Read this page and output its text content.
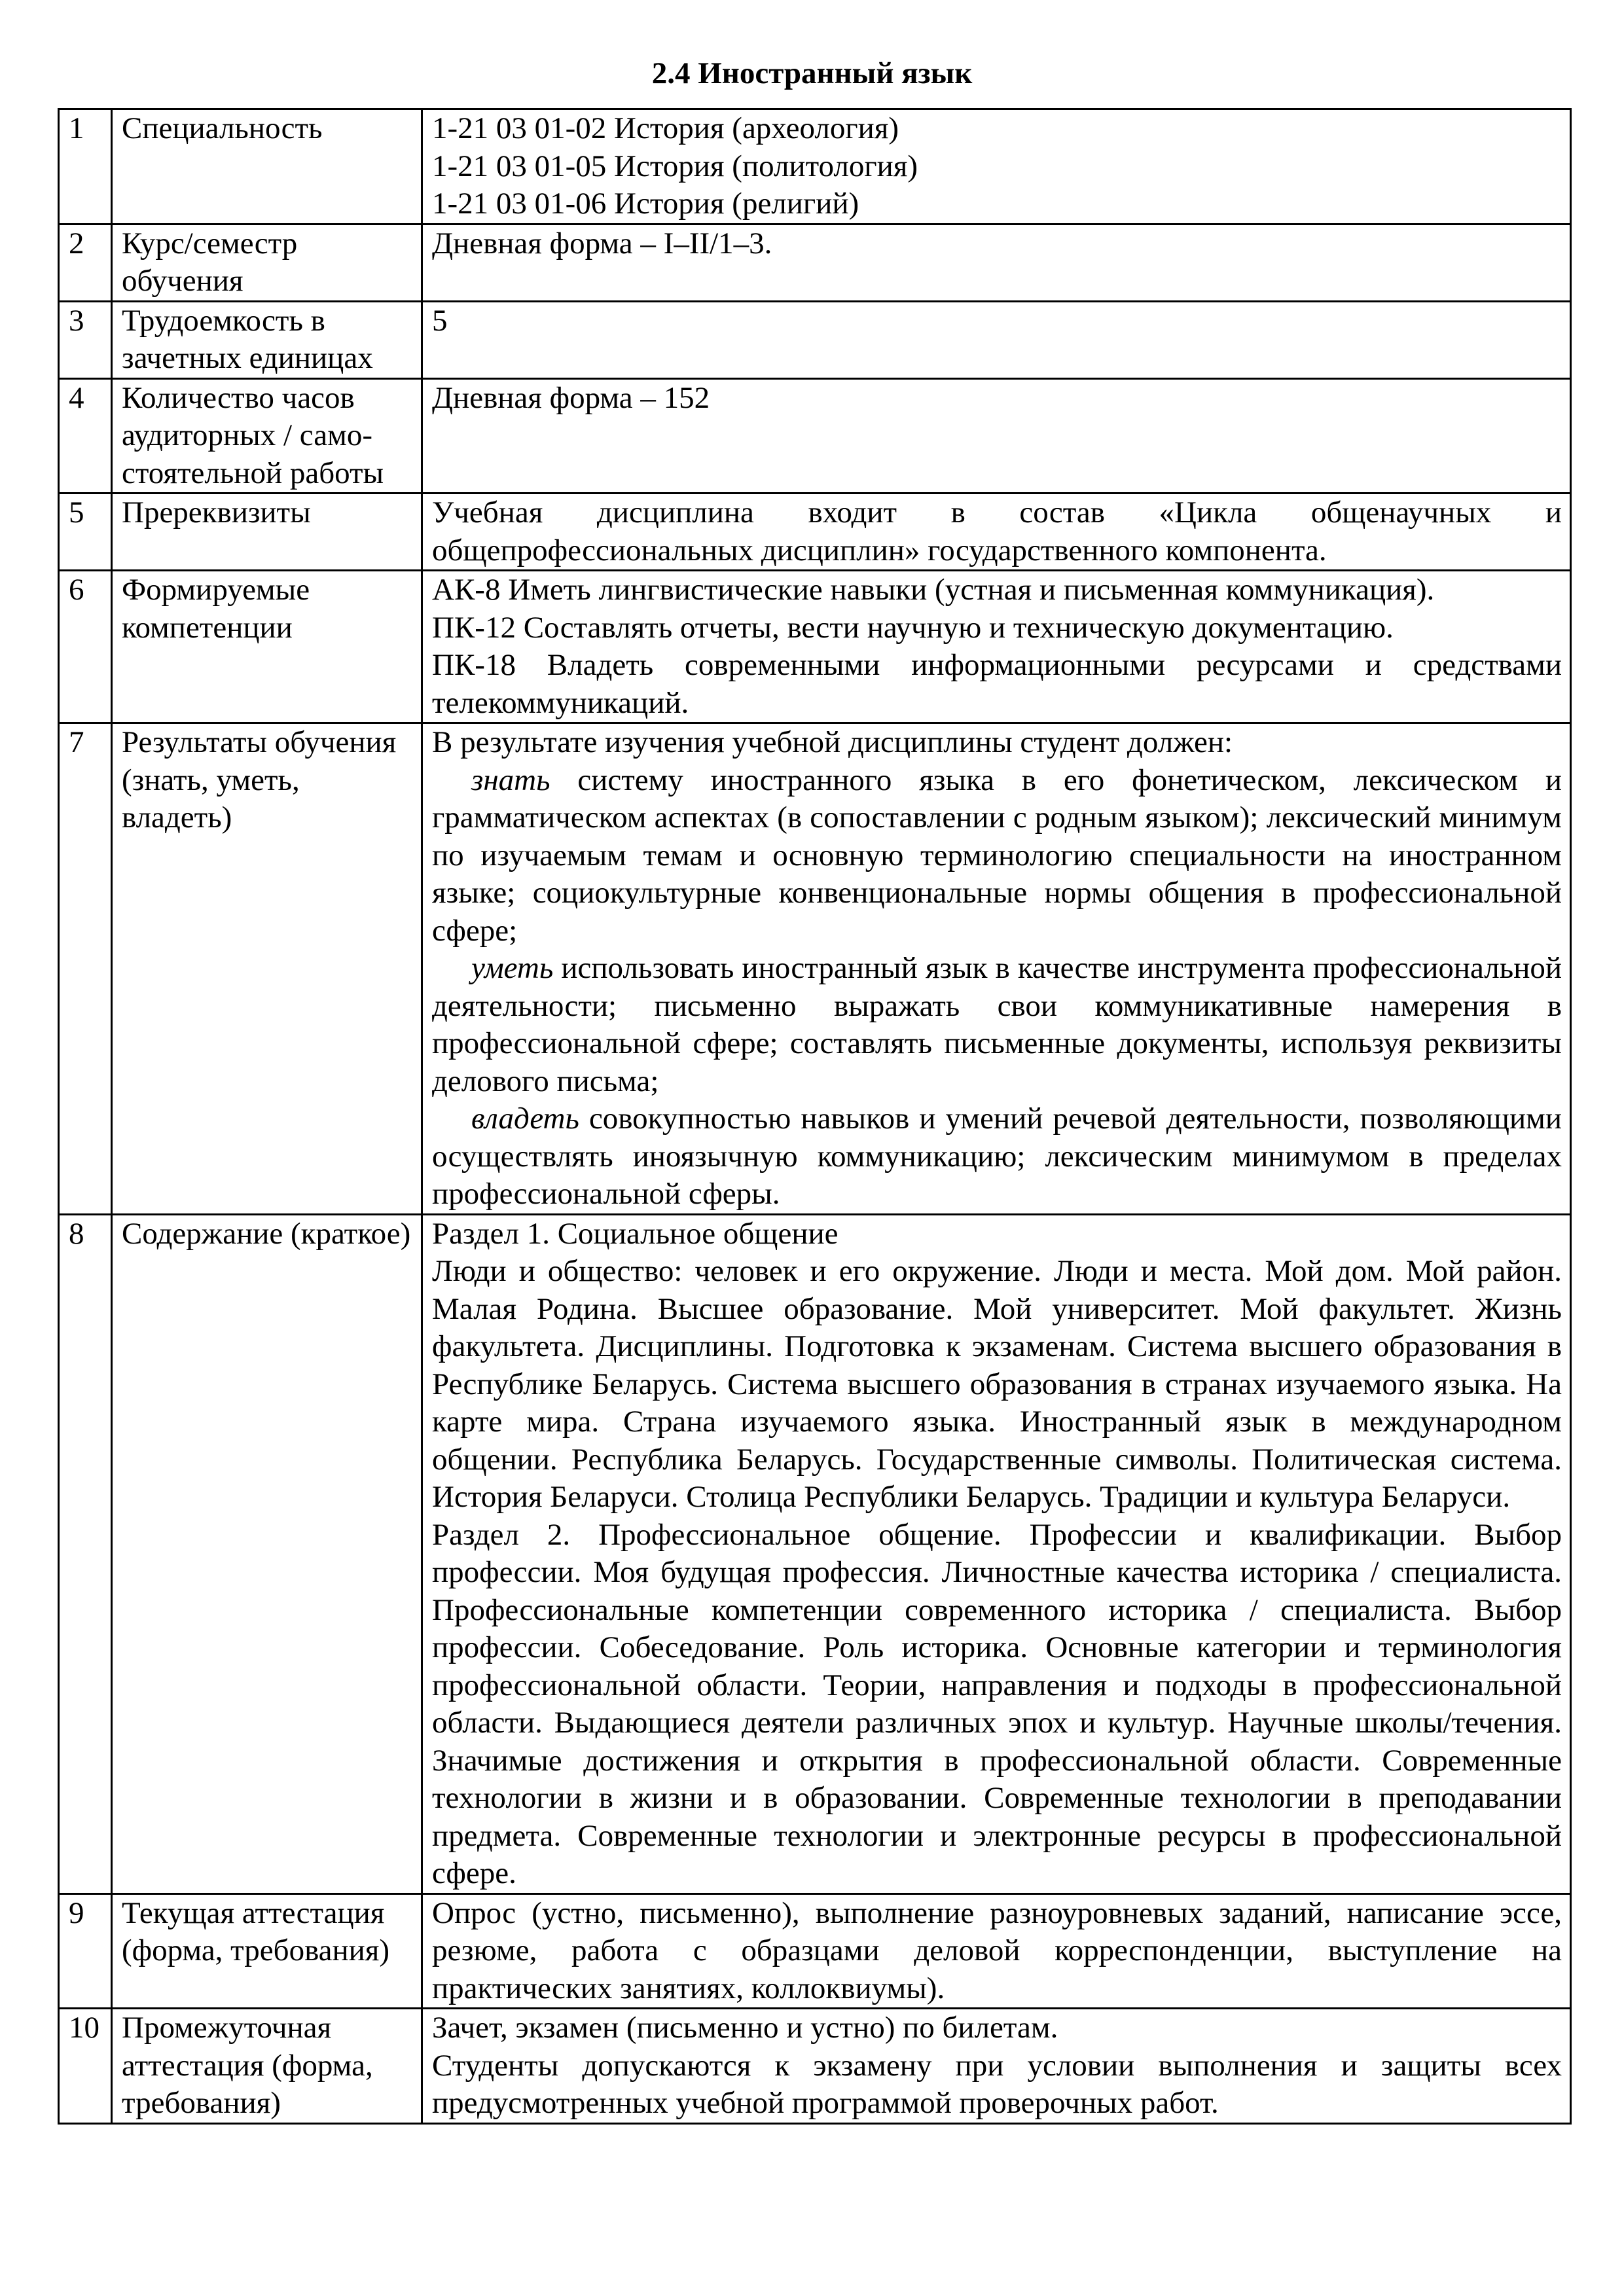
2.4 Иностранный язык
1	Специальность	1-21 03 01-02 История (археология)
1-21 03 01-05 История (политология)
1-21 03 01-06 История (религий)

2	Курс/семестр обучения	Дневная форма – I–II/1–3.
3	Трудоемкость в зачетных единицах	5
4	Количество часов аудиторных / само-стоятельной работы	Дневная форма – 152
5	Пререквизиты	Учебная дисциплина входит в состав «Цикла общенаучных и общепрофессиональных дисциплин» государственного компонента.
6	Формируемые компетенции	АК-8 Иметь лингвистические навыки (устная и письменная коммуникация).
ПК-12 Составлять отчеты, вести научную и техническую документацию.
ПК-18 Владеть современными информационными ресурсами и средствами телекоммуникаций.

7	Результаты обучения (знать, уметь, владеть)	В результате изучения учебной дисциплины студент должен:
знать систему иностранного языка в его фонетическом, лексическом и грамматическом аспектах (в сопоставлении с родным языком); лексический минимум по изучаемым темам и основную терминологию специальности на иностранном языке; социокультурные конвенциональные нормы общения в профессиональной сфере;
уметь использовать иностранный язык в качестве инструмента профессиональной деятельности; письменно выражать свои коммуникативные намерения в профессиональной сфере; составлять письменные документы, используя реквизиты делового письма;
владеть совокупностью навыков и умений речевой деятельности, позволяющими осуществлять иноязычную коммуникацию; лексическим минимумом в пределах профессиональной сферы.

8	Содержание (краткое)	Раздел 1. Социальное общение
Люди и общество: человек и его окружение. Люди и места. Мой дом. Мой район. Малая Родина. Высшее образование. Мой университет. Мой факультет. Жизнь факультета. Дисциплины. Подготовка к экзаменам. Система высшего образования в Республике Беларусь. Система высшего образования в странах изучаемого языка. На карте мира. Страна изучаемого языка. Иностранный язык в международном общении. Республика Беларусь. Государственные символы. Политическая система. История Беларуси. Столица Республики Беларусь. Традиции и культура Беларуси.
Раздел 2. Профессиональное общение. Профессии и квалификации. Выбор профессии. Моя будущая профессия. Личностные качества историка / специалиста. Профессиональные компетенции современного историка / специалиста. Выбор профессии. Собеседование. Роль историка. Основные категории и терминология профессиональной области. Теории, направления и подходы в профессиональной области. Выдающиеся деятели различных эпох и культур. Научные школы/течения. Значимые достижения и открытия в профессиональной области. Современные технологии в жизни и в образовании. Современные технологии в преподавании предмета. Современные технологии и электронные ресурсы в профессиональной сфере.

9	Текущая аттестация (форма, требования)	Опрос (устно, письменно), выполнение разноуровневых заданий, написание эссе, резюме, работа с образцами деловой корреспонденции, выступление на практических занятиях, коллоквиумы).
10	Промежуточная аттестация (форма, требования)	Зачет, экзамен (письменно и устно) по билетам.
Студенты допускаются к экзамену при условии выполнения и защиты всех предусмотренных учебной программой проверочных работ.
